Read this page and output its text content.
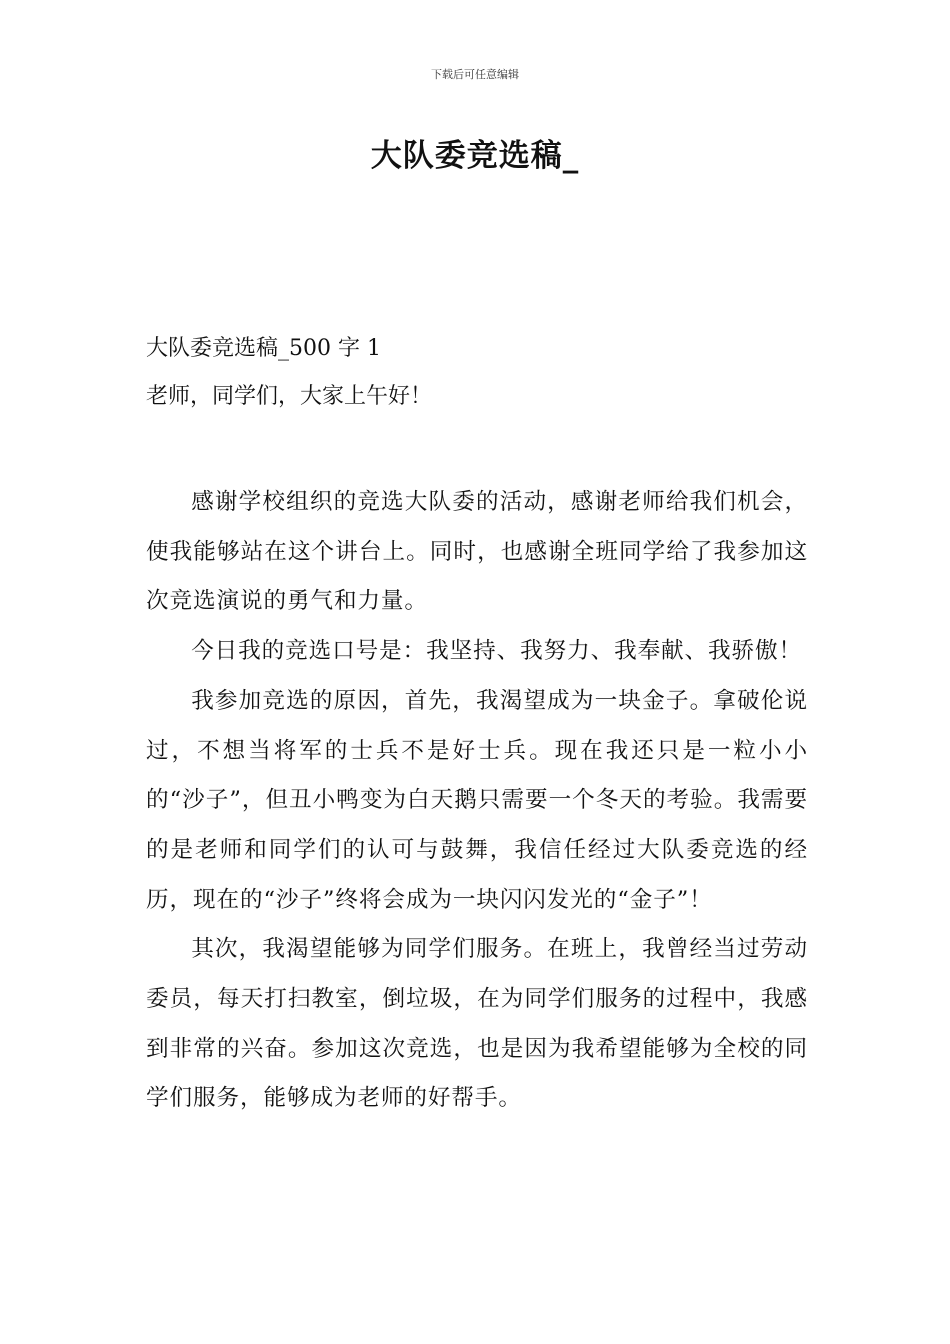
下载后可任意编辑
大队委竞选稿_
大队委竞选稿_500 字 1
老师，同学们，大家上午好！

感谢学校组织的竞选大队委的活动，感谢老师给我们机会，使我能够站在这个讲台上。同时，也感谢全班同学给了我参加这次竞选演说的勇气和力量。

今日我的竞选口号是：我坚持、我努力、我奉献、我骄傲！

我参加竞选的原因，首先，我渴望成为一块金子。拿破伦说过，不想当将军的士兵不是好士兵。现在我还只是一粒小小的“沙子”，但丑小鸭变为白天鹅只需要一个冬天的考验。我需要的是老师和同学们的认可与鼓舞，我信任经过大队委竞选的经历，现在的“沙子”终将会成为一块闪闪发光的“金子”！

其次，我渴望能够为同学们服务。在班上，我曾经当过劳动委员，每天打扫教室，倒垃圾，在为同学们服务的过程中，我感到非常的兴奋。参加这次竞选，也是因为我希望能够为全校的同学们服务，能够成为老师的好帮手。
